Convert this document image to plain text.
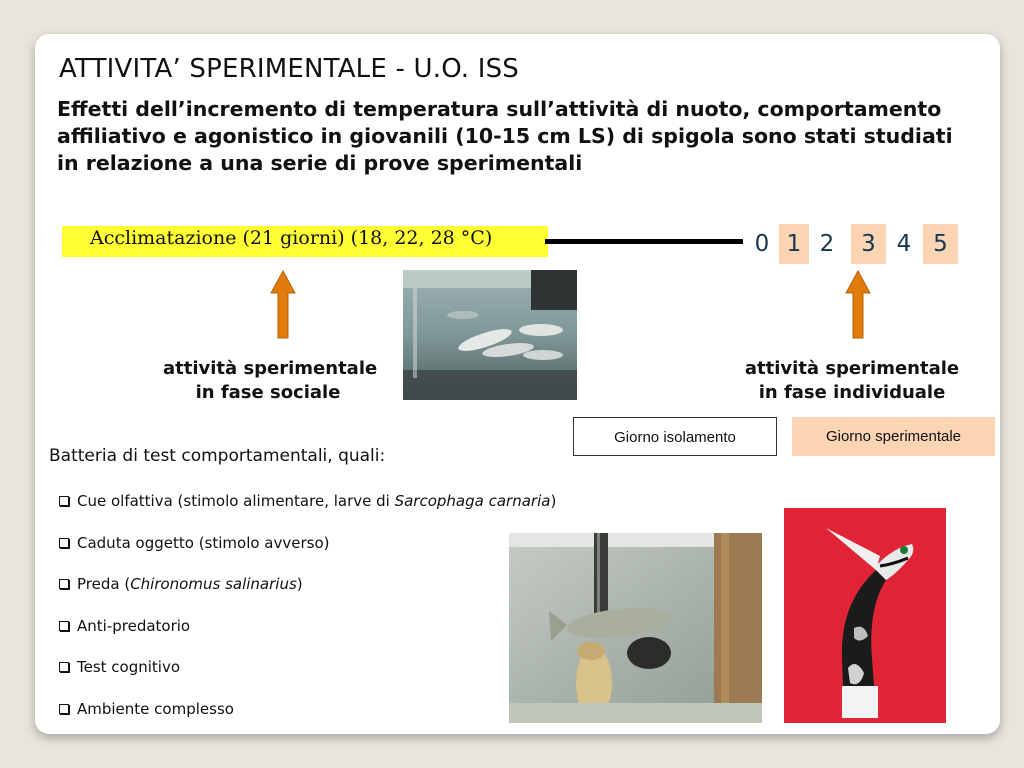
ATTIVITA’ SPERIMENTALE - U.O. ISS
Effetti dell’incremento di temperatura sull’attività di nuoto, comportamento affiliativo e agonistico in giovanili (10-15 cm LS) di spigola sono stati studiati in relazione a una serie di prove sperimentali
Acclimatazione (21 giorni) (18, 22, 28 °C)	0 1 2	3 4 5
attività sperimentale
in fase sociale
attività sperimentale
in fase individuale
Giorno isolamento	Giorno sperimentale
Batteria di test comportamentali, quali:
Cue olfattiva (stimolo alimentare, larve di Sarcophaga carnaria)
Caduta oggetto (stimolo avverso)
Preda (Chironomus salinarius)
Anti-predatorio
Test cognitivo
Ambiente complesso
